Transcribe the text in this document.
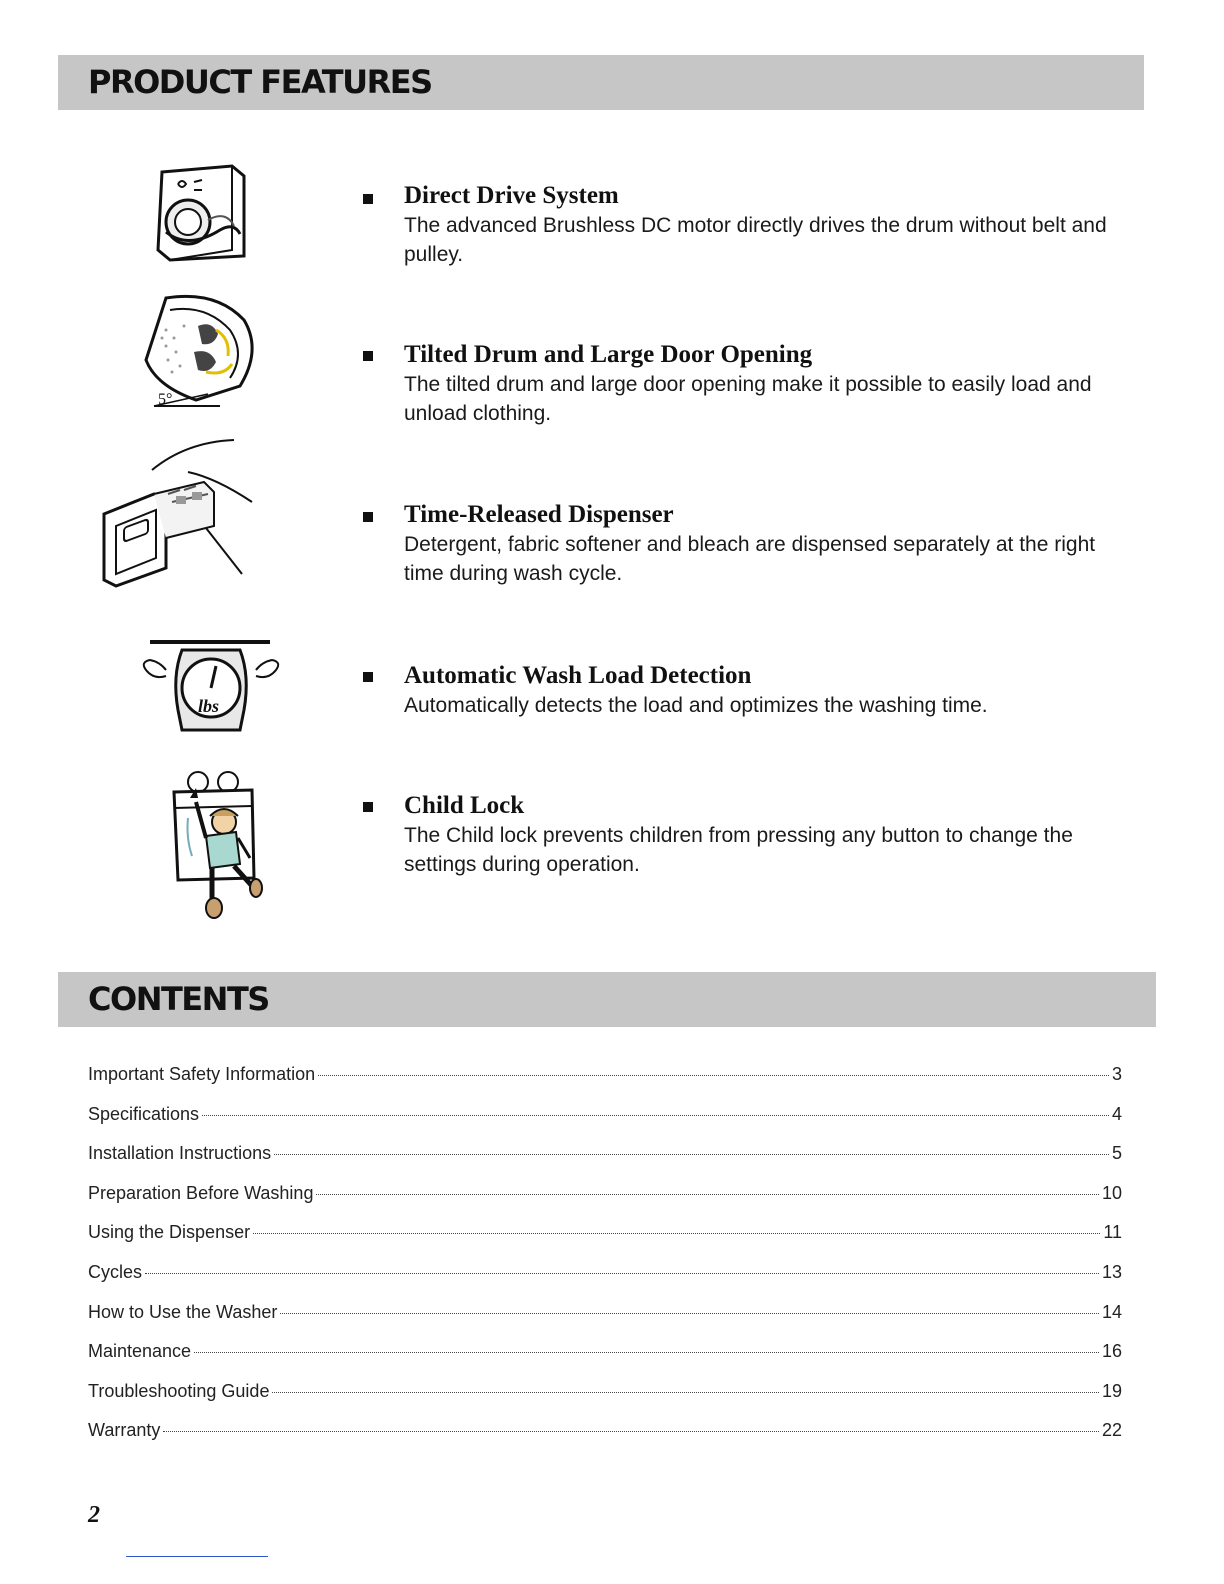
PRODUCT FEATURES
Direct Drive System
The advanced Brushless DC motor directly drives the drum without belt and pulley.
5°
Tilted Drum and Large Door Opening
The tilted drum and large door opening make it possible to easily load and unload clothing.
Time-Released Dispenser
Detergent, fabric softener and bleach are dispensed separately at the right time during wash cycle.
lbs
Automatic Wash Load Detection
Automatically detects the load and optimizes the washing time.
Child Lock
The Child lock prevents children from pressing any button to change the settings during operation.
CONTENTS
Important Safety Information	3
Specifications	4
Installation Instructions	5
Preparation Before Washing	10
Using the Dispenser	11
Cycles	13
How to Use the Washer	14
Maintenance	16
Troubleshooting Guide	19
Warranty	22
2
